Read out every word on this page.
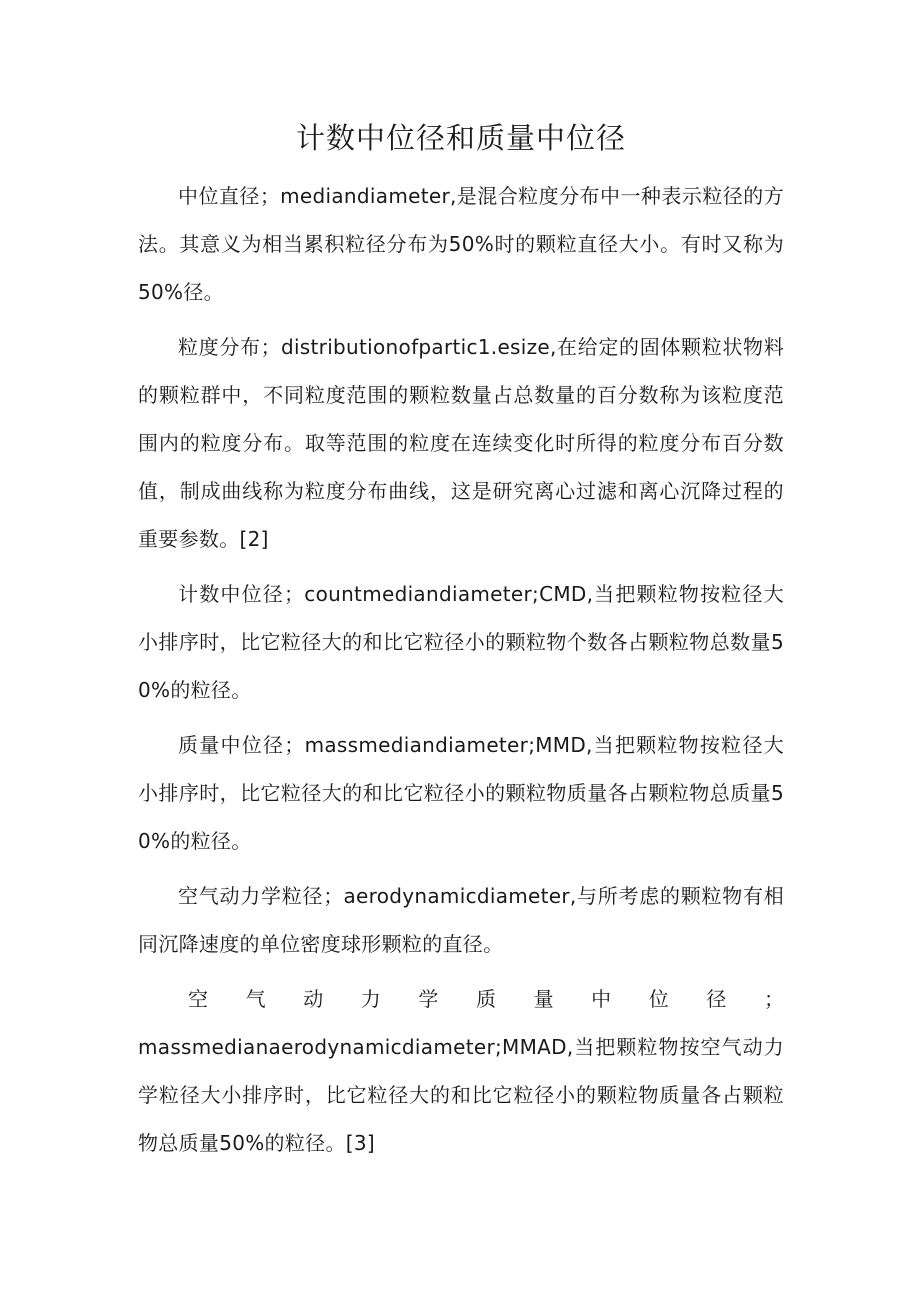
计数中位径和质量中位径

中位直径；mediandiameter,是混合粒度分布中一种表示粒径的方法。其意义为相当累积粒径分布为50%时的颗粒直径大小。有时又称为50%径。

粒度分布；distributionofpartic1.esize,在给定的固体颗粒状物料的颗粒群中，不同粒度范围的颗粒数量占总数量的百分数称为该粒度范围内的粒度分布。取等范围的粒度在连续变化时所得的粒度分布百分数值，制成曲线称为粒度分布曲线，这是研究离心过滤和离心沉降过程的重要参数。[2]

计数中位径；countmediandiameter;CMD,当把颗粒物按粒径大小排序时，比它粒径大的和比它粒径小的颗粒物个数各占颗粒物总数量50%的粒径。

质量中位径；massmediandiameter;MMD,当把颗粒物按粒径大小排序时，比它粒径大的和比它粒径小的颗粒物质量各占颗粒物总质量50%的粒径。

空气动力学粒径；aerodynamicdiameter,与所考虑的颗粒物有相同沉降速度的单位密度球形颗粒的直径。

空 气 动 力 学 质 量 中 位 径 ；

massmedianaerodynamicdiameter;MMAD,当把颗粒物按空气动力学粒径大小排序时，比它粒径大的和比它粒径小的颗粒物质量各占颗粒物总质量50%的粒径。[3]
